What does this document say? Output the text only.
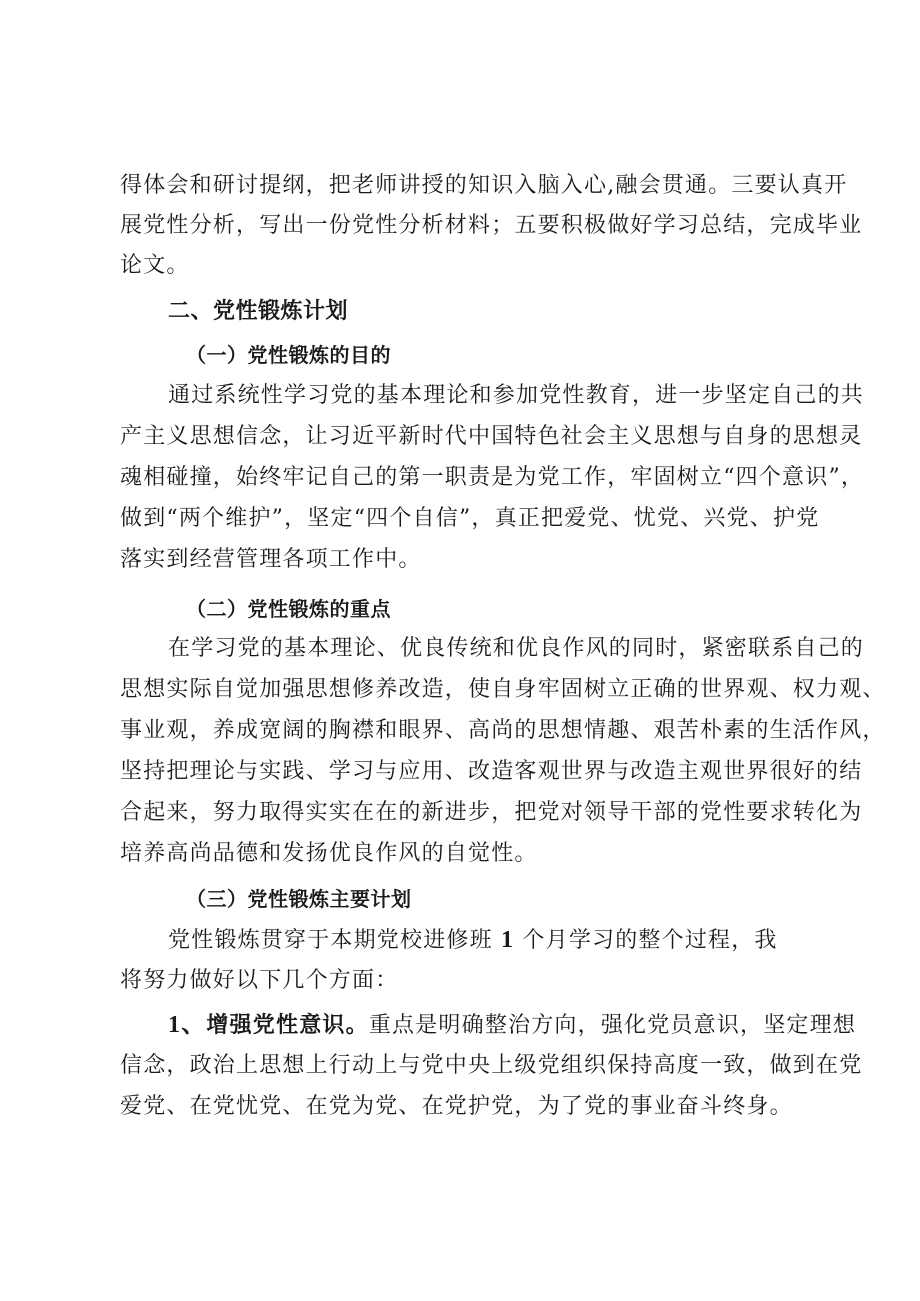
得体会和研讨提纲，把老师讲授的知识入脑入心,融会贯通。三要认真开
展党性分析，写出一份党性分析材料；五要积极做好学习总结，完成毕业
论文。
二、党性锻炼计划
（一）党性锻炼的目的
通过系统性学习党的基本理论和参加党性教育，进一步坚定自己的共
产主义思想信念，让习近平新时代中国特色社会主义思想与自身的思想灵
魂相碰撞，始终牢记自己的第一职责是为党工作，牢固树立“四个意识”，
做到“两个维护”，坚定“四个自信”，真正把爱党、忧党、兴党、护党
落实到经营管理各项工作中。
（二）党性锻炼的重点
在学习党的基本理论、优良传统和优良作风的同时，紧密联系自己的
思想实际自觉加强思想修养改造，使自身牢固树立正确的世界观、权力观、
事业观，养成宽阔的胸襟和眼界、高尚的思想情趣、艰苦朴素的生活作风，
坚持把理论与实践、学习与应用、改造客观世界与改造主观世界很好的结
合起来，努力取得实实在在的新进步，把党对领导干部的党性要求转化为
培养高尚品德和发扬优良作风的自觉性。
（三）党性锻炼主要计划
党性锻炼贯穿于本期党校进修班 1 个月学习的整个过程，我
将努力做好以下几个方面：
1、增强党性意识。重点是明确整治方向，强化党员意识，坚定理想
信念，政治上思想上行动上与党中央上级党组织保持高度一致，做到在党
爱党、在党忧党、在党为党、在党护党，为了党的事业奋斗终身。
